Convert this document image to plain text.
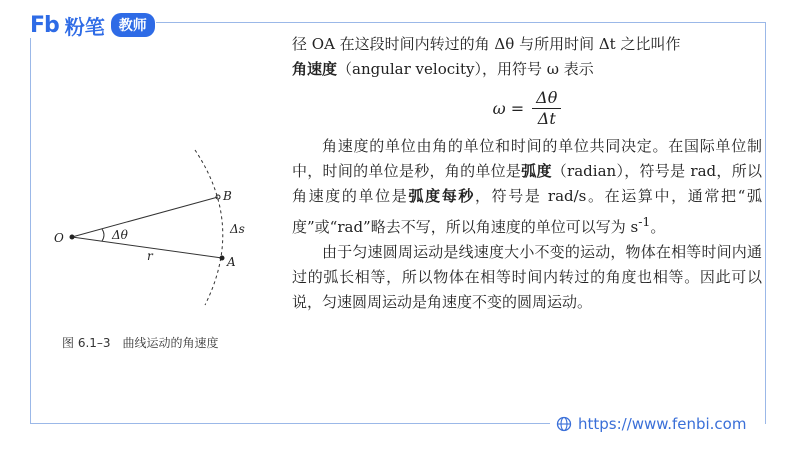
Fb 粉笔	教师
O
A
B
Δθ
r
Δs
图 6.1–3　曲线运动的角速度

径 OA 在这段时间内转过的角 Δθ 与所用时间 Δt 之比叫作
角速度（angular velocity），用符号 ω 表示

$\omega = \frac{\Delta\theta}{\Delta t}$

角速度的单位由角的单位和时间的单位共同决定。在国际单位制中，时间的单位是秒，角的单位是弧度（radian），符号是 rad，所以角速度的单位是弧度每秒，符号是 rad/s。在运算中，通常把“弧度”或“rad”略去不写，所以角速度的单位可以写为 $s^{-1}$。

由于匀速圆周运动是线速度大小不变的运动，物体在相等时间内通过的弧长相等，所以物体在相等时间内转过的角度也相等。因此可以说，匀速圆周运动是角速度不变的圆周运动。

https://www.fenbi.com
